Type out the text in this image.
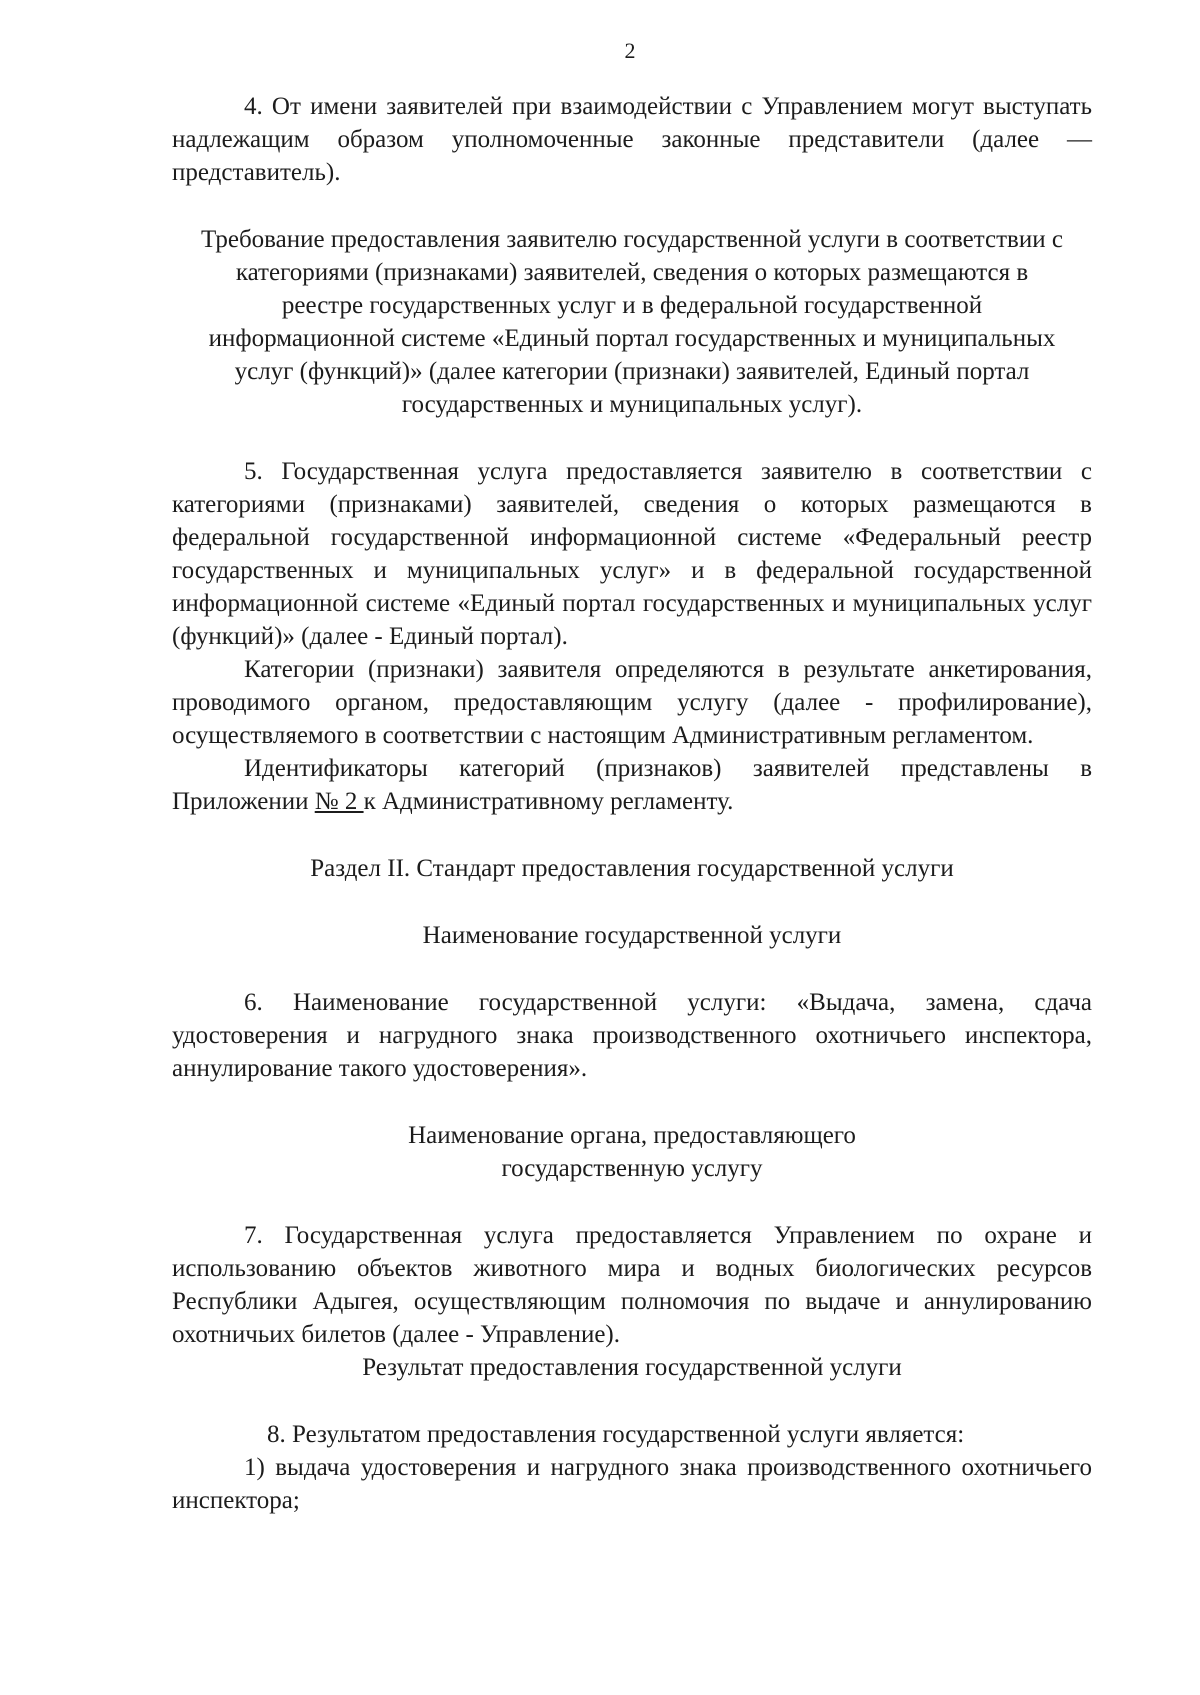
2

4. От имени заявителей при взаимодействии с Управлением могут выступать надлежащим образом уполномоченные законные представители (далее — представитель).

Требование предоставления заявителю государственной услуги в соответствии с категориями (признаками) заявителей, сведения о которых размещаются в реестре государственных услуг и в федеральной государственной информационной системе «Единый портал государственных и муниципальных услуг (функций)» (далее категории (признаки) заявителей, Единый портал государственных и муниципальных услуг).

5. Государственная услуга предоставляется заявителю в соответствии с категориями (признаками) заявителей, сведения о которых размещаются в федеральной государственной информационной системе «Федеральный реестр государственных и муниципальных услуг» и в федеральной государственной информационной системе «Единый портал государственных и муниципальных услуг (функций)» (далее - Единый портал).

Категории (признаки) заявителя определяются в результате анкетирования, проводимого органом, предоставляющим услугу (далее - профилирование), осуществляемого в соответствии с настоящим Административным регламентом.

Идентификаторы категорий (признаков) заявителей представлены в Приложении № 2 к Административному регламенту.

Раздел II. Стандарт предоставления государственной услуги

Наименование государственной услуги

6. Наименование государственной услуги: «Выдача, замена, сдача удостоверения и нагрудного знака производственного охотничьего инспектора, аннулирование такого удостоверения».

Наименование органа, предоставляющего

государственную услугу

7. Государственная услуга предоставляется Управлением по охране и использованию объектов животного мира и водных биологических ресурсов Республики Адыгея, осуществляющим полномочия по выдаче и аннулированию охотничьих билетов (далее - Управление).

Результат предоставления государственной услуги

8. Результатом предоставления государственной услуги является:

1) выдача удостоверения и нагрудного знака производственного охотничьего инспектора;
